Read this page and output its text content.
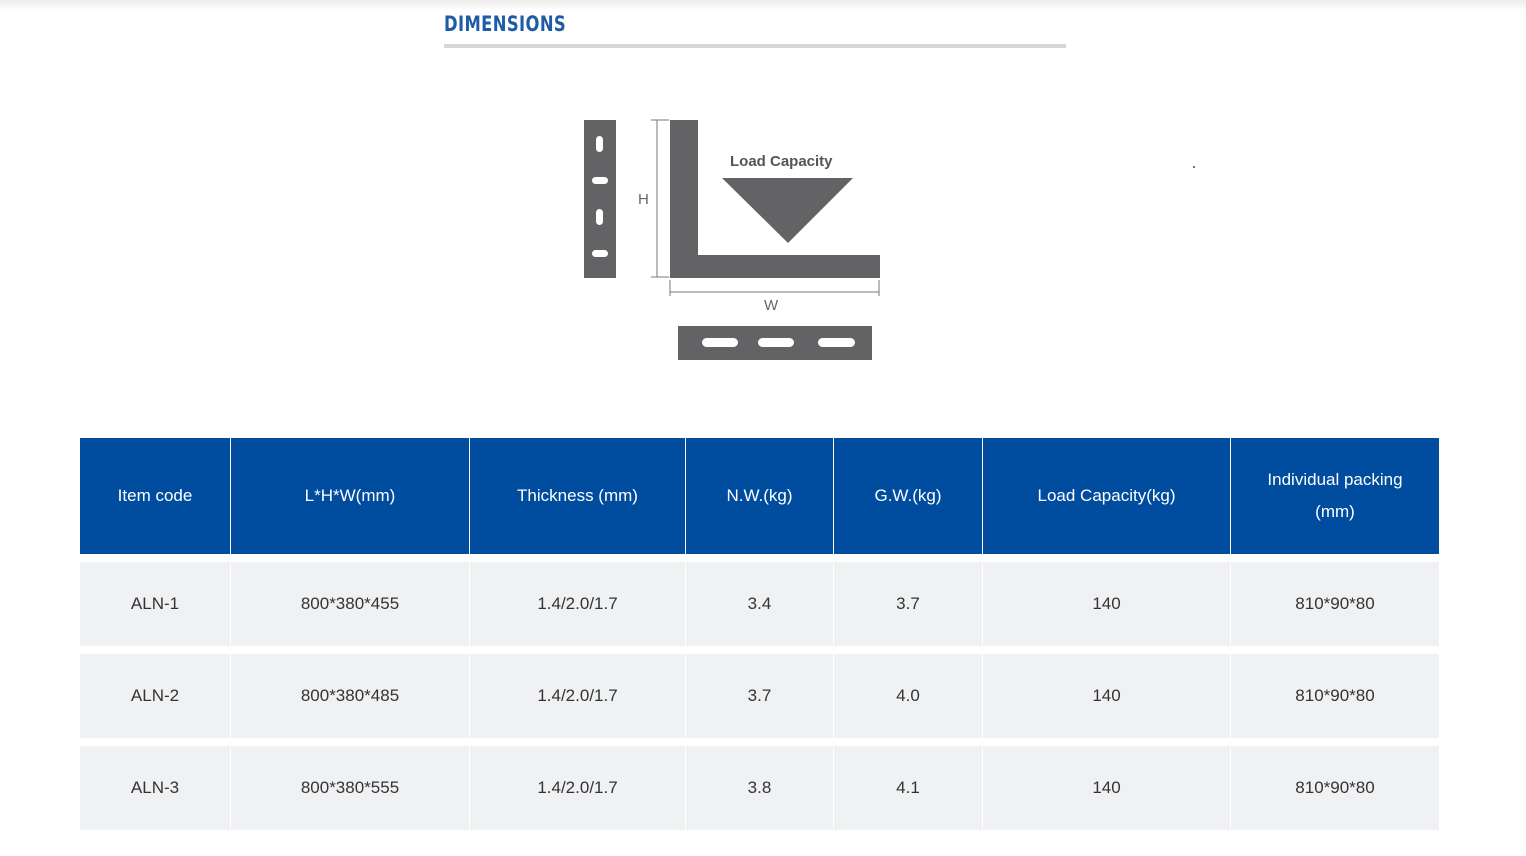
DIMENSIONS
H
Load Capacity
W
Item code	L*H*W(mm)	Thickness (mm)	N.W.(kg)	G.W.(kg)	Load Capacity(kg)	Individual packing (mm)

ALN-1	800*380*455	1.4/2.0/1.7	3.4	3.7	140	810*90*80

ALN-2	800*380*485	1.4/2.0/1.7	3.7	4.0	140	810*90*80

ALN-3	800*380*555	1.4/2.0/1.7	3.8	4.1	140	810*90*80
